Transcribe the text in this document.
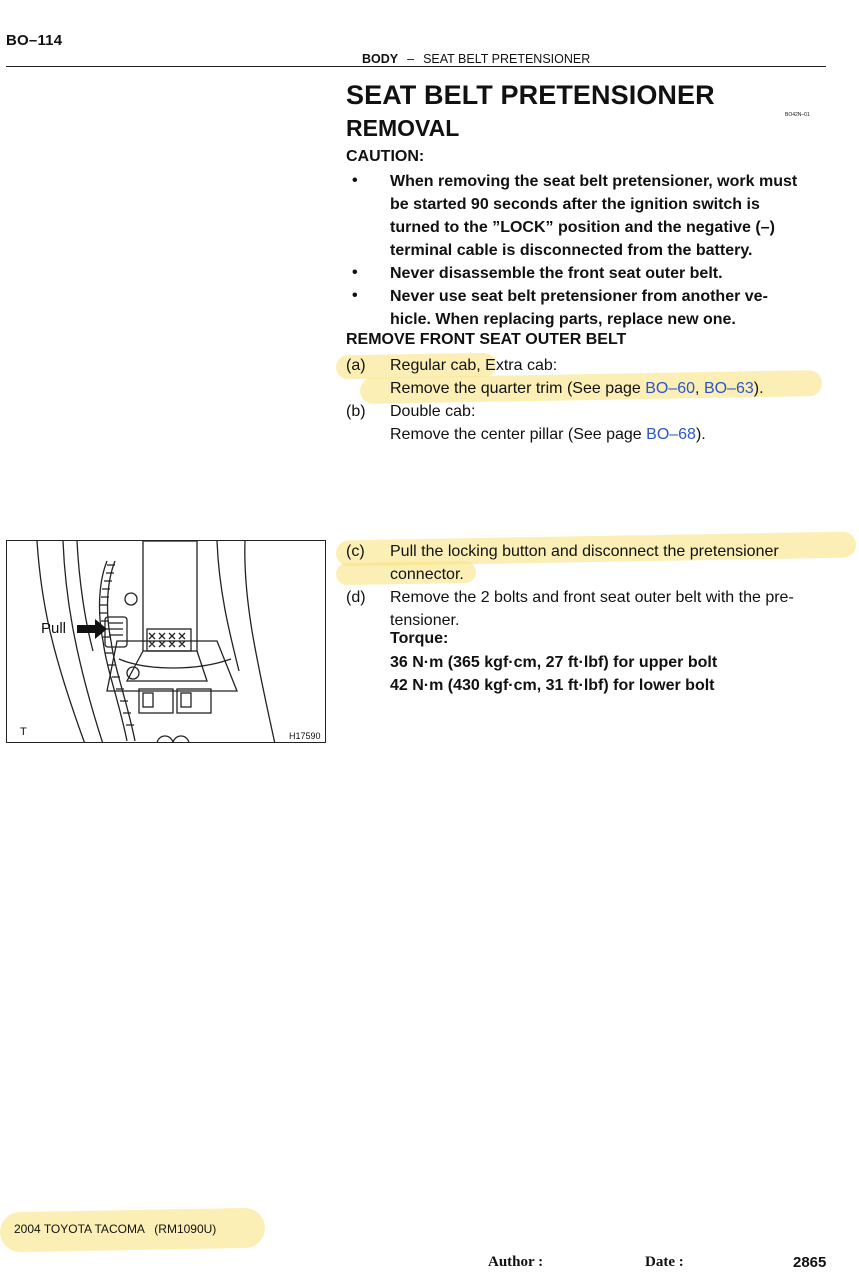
BO–114
BODY – SEAT BELT PRETENSIONER
SEAT BELT PRETENSIONER
REMOVAL	BO42N–01
CAUTION:
• When removing the seat belt pretensioner, work must
be started 90 seconds after the ignition switch is
turned to the ”LOCK” position and the negative (–)
terminal cable is disconnected from the battery.
• Never disassemble the front seat outer belt.
• Never use seat belt pretensioner from another ve-
hicle. When replacing parts, replace new one.
REMOVE FRONT SEAT OUTER BELT
(a) Regular cab, Extra cab:
Remove the quarter trim (See page BO–60, BO–63).
(b) Double cab:
Remove the center pillar (See page BO–68).
(c) Pull the locking button and disconnect the pretensioner
connector.
(d) Remove the 2 bolts and front seat outer belt with the pre-
tensioner.
Torque:
36 N·m (365 kgf·cm, 27 ft·lbf) for upper bolt
42 N·m (430 kgf·cm, 31 ft·lbf) for lower bolt
Pull
T	H17590
2004 TOYOTA TACOMA   (RM1090U)
Author :	Date :	2865
